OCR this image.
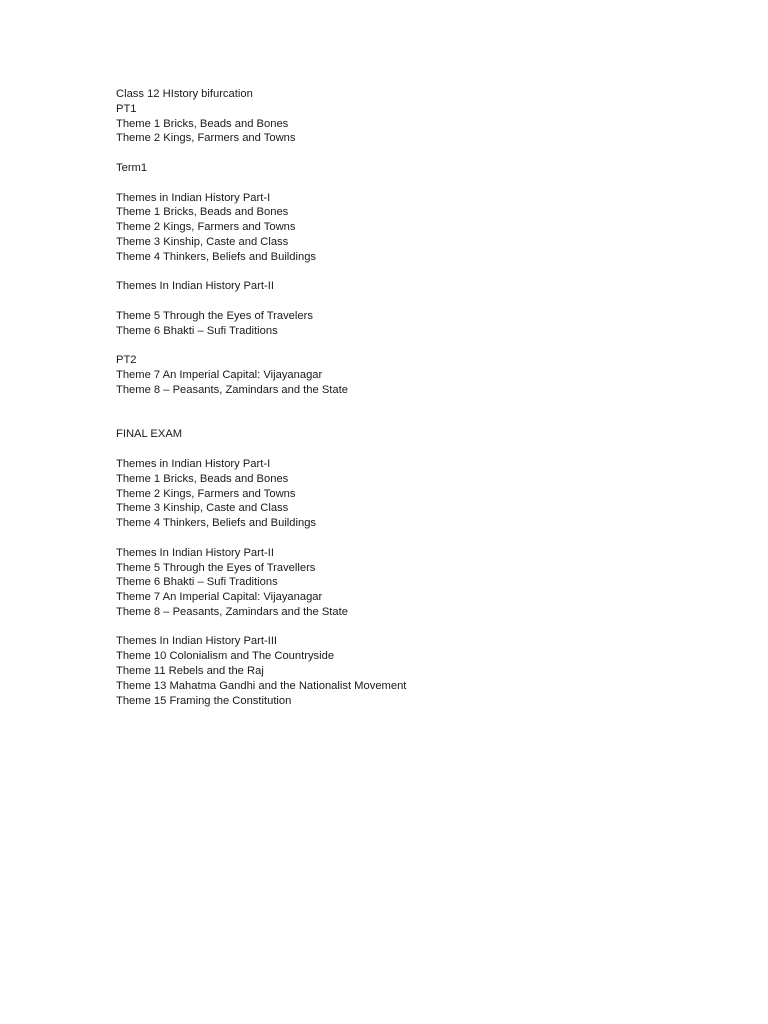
Class 12 HIstory bifurcation
PT1
Theme 1 Bricks, Beads and Bones
Theme 2 Kings, Farmers and Towns
Term1
Themes in Indian History Part-I
Theme 1 Bricks, Beads and Bones
Theme 2 Kings, Farmers and Towns
Theme 3 Kinship, Caste and Class
Theme 4 Thinkers, Beliefs and Buildings
Themes In Indian History Part-II
Theme 5 Through the Eyes of Travelers
Theme 6 Bhakti – Sufi Traditions
PT2
Theme 7 An Imperial Capital: Vijayanagar
Theme 8 – Peasants, Zamindars and the State
FINAL EXAM
Themes in Indian History Part-I
Theme 1 Bricks, Beads and Bones
Theme 2 Kings, Farmers and Towns
Theme 3 Kinship, Caste and Class
Theme 4 Thinkers, Beliefs and Buildings
Themes In Indian History Part-II
Theme 5 Through the Eyes of Travellers
Theme 6 Bhakti – Sufi Traditions
Theme 7 An Imperial Capital: Vijayanagar
Theme 8 – Peasants, Zamindars and the State
Themes In Indian History Part-III
Theme 10 Colonialism and The Countryside
Theme 11 Rebels and the Raj
Theme 13 Mahatma Gandhi and the Nationalist Movement
Theme 15 Framing the Constitution
